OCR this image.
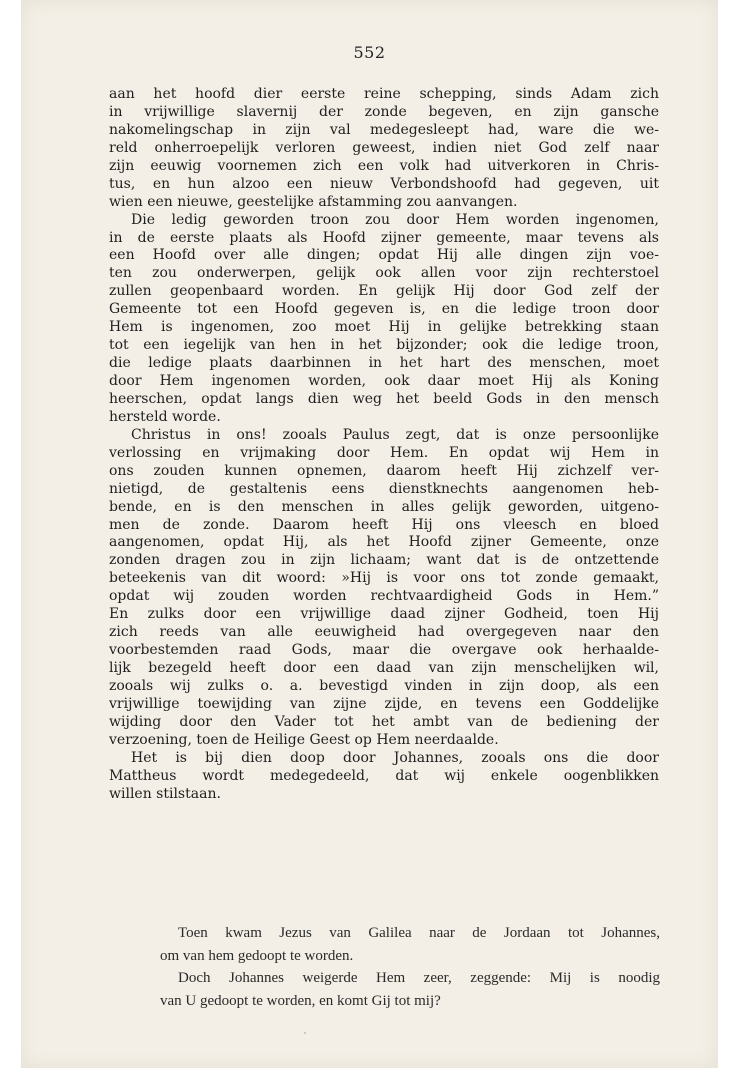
552
aan het hoofd dier eerste reine schepping, sinds Adam zich
in vrijwillige slavernij der zonde begeven, en zijn gansche
nakomelingschap in zijn val medegesleept had, ware die we-
reld onherroepelijk verloren geweest, indien niet God zelf naar
zijn eeuwig voornemen zich een volk had uitverkoren in Chris-
tus, en hun alzoo een nieuw Verbondshoofd had gegeven, uit
wien een nieuwe, geestelijke afstamming zou aanvangen.
Die ledig geworden troon zou door Hem worden ingenomen,
in de eerste plaats als Hoofd zijner gemeente, maar tevens als
een Hoofd over alle dingen; opdat Hij alle dingen zijn voe-
ten zou onderwerpen, gelijk ook allen voor zijn rechterstoel
zullen geopenbaard worden. En gelijk Hij door God zelf der
Gemeente tot een Hoofd gegeven is, en die ledige troon door
Hem is ingenomen, zoo moet Hij in gelijke betrekking staan
tot een iegelijk van hen in het bijzonder; ook die ledige troon,
die ledige plaats daarbinnen in het hart des menschen, moet
door Hem ingenomen worden, ook daar moet Hij als Koning
heerschen, opdat langs dien weg het beeld Gods in den mensch
hersteld worde.
Christus in ons! zooals Paulus zegt, dat is onze persoonlijke
verlossing en vrijmaking door Hem. En opdat wij Hem in
ons zouden kunnen opnemen, daarom heeft Hij zichzelf ver-
nietigd, de gestaltenis eens dienstknechts aangenomen heb-
bende, en is den menschen in alles gelijk geworden, uitgeno-
men de zonde. Daarom heeft Hij ons vleesch en bloed
aangenomen, opdat Hij, als het Hoofd zijner Gemeente, onze
zonden dragen zou in zijn lichaam; want dat is de ontzettende
beteekenis van dit woord: »Hij is voor ons tot zonde gemaakt,
opdat wij zouden worden rechtvaardigheid Gods in Hem.”
En zulks door een vrijwillige daad zijner Godheid, toen Hij
zich reeds van alle eeuwigheid had overgegeven naar den
voorbestemden raad Gods, maar die overgave ook herhaalde-
lijk bezegeld heeft door een daad van zijn menschelijken wil,
zooals wij zulks o. a. bevestigd vinden in zijn doop, als een
vrijwillige toewijding van zijne zijde, en tevens een Goddelijke
wijding door den Vader tot het ambt van de bediening der
verzoening, toen de Heilige Geest op Hem neerdaalde.
Het is bij dien doop door Johannes, zooals ons die door
Mattheus wordt medegedeeld, dat wij enkele oogenblikken
willen stilstaan.
Toen kwam Jezus van Galilea naar de Jordaan tot Johannes,
om van hem gedoopt te worden.
Doch Johannes weigerde Hem zeer, zeggende: Mij is noodig
van U gedoopt te worden, en komt Gij tot mij?
